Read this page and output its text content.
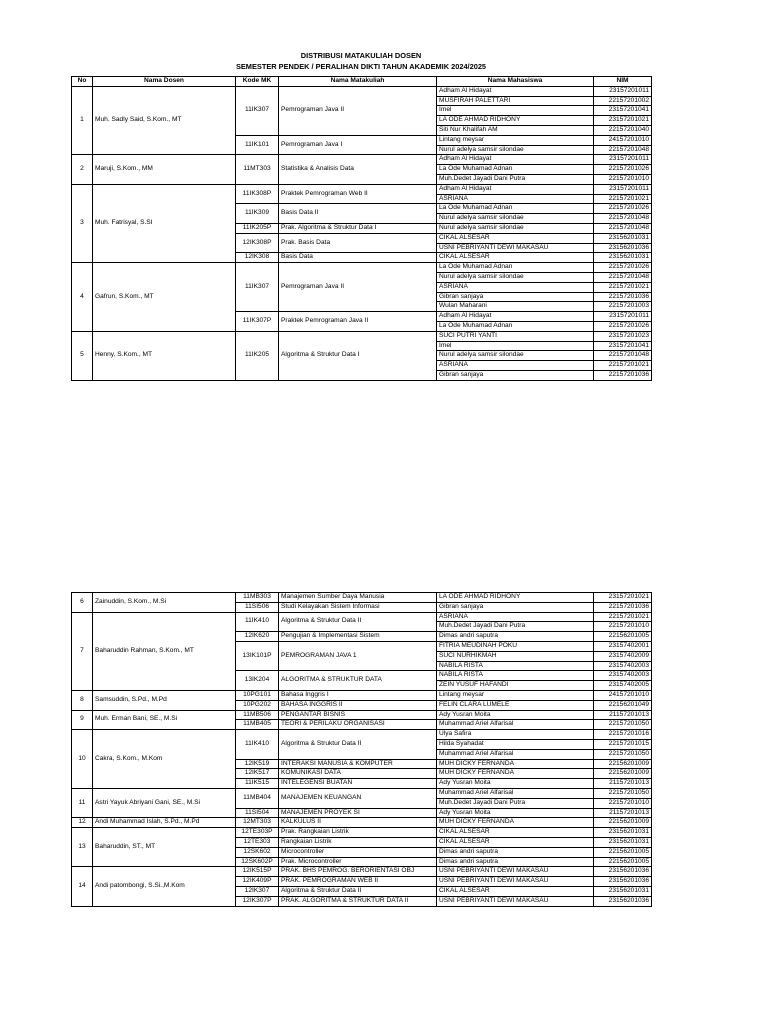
DISTRIBUSI MATAKULIAH DOSEN
SEMESTER PENDEK / PERALIHAN DIKTI TAHUN AKADEMIK 2024/2025
No	Nama Dosen	Kode MK	Nama Matakuliah	Nama Mahasiswa	NIM
1	Muh. Sadly Said, S.Kom., MT	11IK307	Pemrograman Java II	Adham Al Hidayat	23157201011
				MUSFIRAH PALETTARI	22157201002
				Imel	23157201041
				LA ODE AHMAD RIDHONY	23157201021
				Siti Nur Khalifah AM	22157201040
		11IK101	Pemrograman Java I	Lintang meysar	24157201010
				Nurul adelya samsir silondae	22157201048
2	Maruji, S.Kom., MM	11MT303	Statistika & Analisis Data	Adham Al Hidayat	23157201011
				La Ode Muhamad Adnan	22157201026
				Muh.Dedet Jayadi Dani Putra	22157201010
3	Muh. Fatrisyal, S.SI	11IK308P	Praktek Pemrograman Web II	Adham Al Hidayat	23157201011
				ASRIANA	22157201021
		11IK309	Basis Data II	La Ode Muhamad Adnan	22157201026
				Nurul adelya samsir silondae	22157201048
		11IK205P	Prak. Algoritma & Struktur Data I	Nurul adelya samsir silondae	22157201048
		12IK308P	Prak. Basis Data	CIKAL ALSESAR	23156201031
				USNI PEBRIYANTI DEWI MAKASAU	23156201036
		12IK308	Basis Data	CIKAL ALSESAR	23156201031
4	Gafrun, S.Kom., MT	11IK307	Pemrograman Java II	La Ode Muhamad Adnan	22157201026
				Nurul adelya samsir silondae	22157201048
				ASRIANA	22157201021
				Gibran sanjaya	22157201036
				Wulan Maharani	22157201003
		11IK307P	Praktek Pemrograman Java II	Adham Al Hidayat	23157201011
				La Ode Muhamad Adnan	22157201026
5	Henny, S.Kom., MT	11IK205	Algoritma & Struktur Data I	SUCI PUTRI YANTI	23157201023
				Imel	23157201041
				Nurul adelya samsir silondae	22157201048
				ASRIANA	22157201021
				Gibran sanjaya	22157201036
6	Zainuddin, S.Kom., M.Si	11MB303	Manajemen Sumber Daya Manusia	LA ODE AHMAD RIDHONY	23157201021
		11SI506	Studi Kelayakan Sistem Informasi	Gibran sanjaya	22157201036
7	Baharuddin Rahman, S.Kom., MT	11IK410	Algoritma & Struktur Data II	ASRIANA	22157201021
				Muh.Dedet Jayadi Dani Putra	22157201010
		12IK620	Pengujian & Implementasi Sistem	Dimas andri saputra	22156201005
		13IK101P	PEMROGRAMAN JAVA 1	FITRIA MEUDINAH POKU	23157402001
				SUCI NURHIKMAH	23157402009
				NABILA RISTA	23157402003
		13IK204	ALGORITMA & STRUKTUR DATA	NABILA RISTA	23157402003
				ZEIN YUSUF HAFANDI	23157402005
8	Samsuddin, S.Pd., M.Pd	10PG101	Bahasa Inggris I	Lintang meysar	24157201010
		10PG202	BAHASA INGGRIS II	FELIN CLARA LUMELE	22156201049
9	Muh. Erman Bani, SE., M.Si	11MB506	PENGANTAR BISNIS	Ady Yusran Moita	21157201013
		11MB405	TEORI & PERILAKU ORGANISASI	Muhammad Ariel Alfarisal	22157201050
10	Cakra, S.Kom., M.Kom	11IK410	Algoritma & Struktur Data II	Ulya Safira	22157201016
				Hilda Syahadat	22157201015
				Muhammad Ariel Alfarisal	22157201050
		12IK519	INTERAKSI MANUSIA & KOMPUTER	MUH DICKY FERNANDA	22156201009
		12IK517	KOMUNIKASI DATA	MUH DICKY FERNANDA	22156201009
		11IK515	INTELEGENSI BUATAN	Ady Yusran Moita	21157201013
11	Astri Yayuk Abriyani Gani, SE., M.Si	11MB404	MANAJEMEN KEUANGAN	Muhammad Ariel Alfarisal	22157201050
				Muh.Dedet Jayadi Dani Putra	22157201010
		11SI504	MANAJEMEN PROYEK SI	Ady Yusran Moita	21157201013
12	Andi Muhammad Islah, S.Pd., M.Pd	12MT303	KALKULUS II	MUH DICKY FERNANDA	22156201009
13	Baharuddin, ST., MT	12TE303P	Prak. Rangkaian Listrik	CIKAL ALSESAR	23156201031
		12TE303	Rangkaian Listrik	CIKAL ALSESAR	23156201031
		12SK602	Microcontroller	Dimas andri saputra	22156201005
		12SK602P	Prak. Microcontroller	Dimas andri saputra	22156201005
14	Andi patombongi, S.Si.,M.Kom	12IK515P	PRAK. BHS PEMROG. BERORIENTASI OBJ	USNI PEBRIYANTI DEWI MAKASAU	23156201036
		12IK409P	PRAK. PEMROGRAMAN WEB II	USNI PEBRIYANTI DEWI MAKASAU	23156201036
		12IK307	Algoritma & Struktur Data II	CIKAL ALSESAR	23156201031
		12IK307P	PRAK. ALGORITMA & STRUKTUR DATA II	USNI PEBRIYANTI DEWI MAKASAU	23156201036
